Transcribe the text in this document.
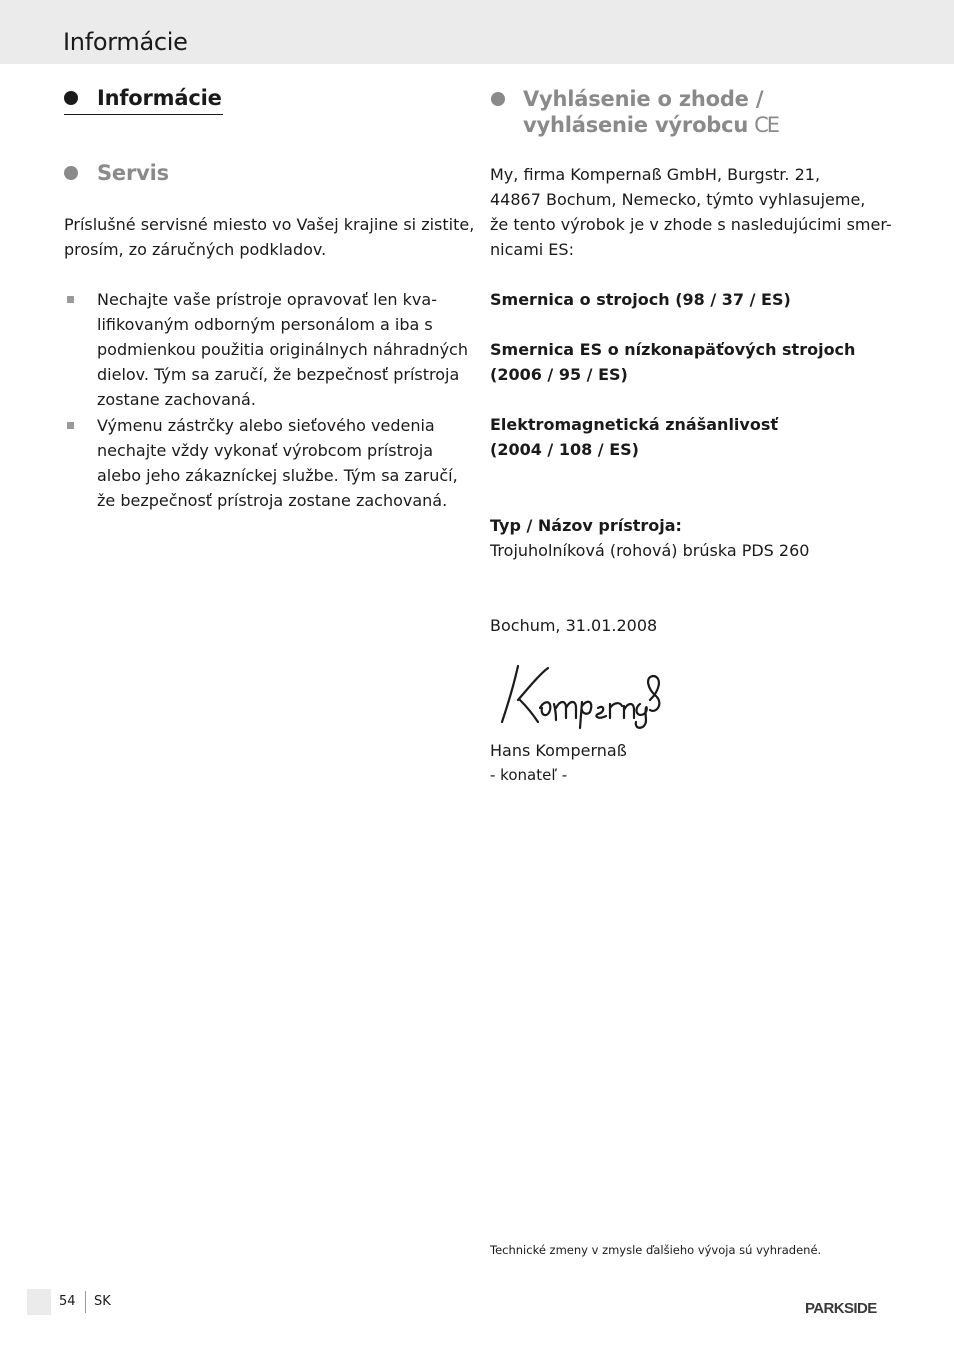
Informácie
Informácie
Servis
Príslušné servisné miesto vo Vašej krajine si zistite,
prosím, zo záručných podkladov.
Nechajte vaše prístroje opravovať len kva-
lifikovaným odborným personálom a iba s
podmienkou použitia originálnych náhradných
dielov. Tým sa zaručí, že bezpečnosť prístroja
zostane zachovaná.
Výmenu zástrčky alebo sieťového vedenia
nechajte vždy vykonať výrobcom prístroja
alebo jeho zákazníckej službe. Tým sa zaručí,
že bezpečnosť prístroja zostane zachovaná.
Vyhlásenie o zhode /
vyhlásenie výrobcu CE
My, firma Kompernaß GmbH, Burgstr. 21,
44867 Bochum, Nemecko, týmto vyhlasujeme,
že tento výrobok je v zhode s nasledujúcimi smer-
nicami ES:
Smernica o strojoch (98 / 37 / ES)
Smernica ES o nízkonapäťových strojoch
(2006 / 95 / ES)
Elektromagnetická znášanlivosť
(2004 / 108 / ES)
Typ / Názov prístroja:
Trojuholníková (rohová) brúska PDS 260
Bochum, 31.01.2008
Hans Kompernaß
- konateľ -
Technické zmeny v zmysle ďalšieho vývoja sú vyhradené.
54 SK	PARKSIDE
